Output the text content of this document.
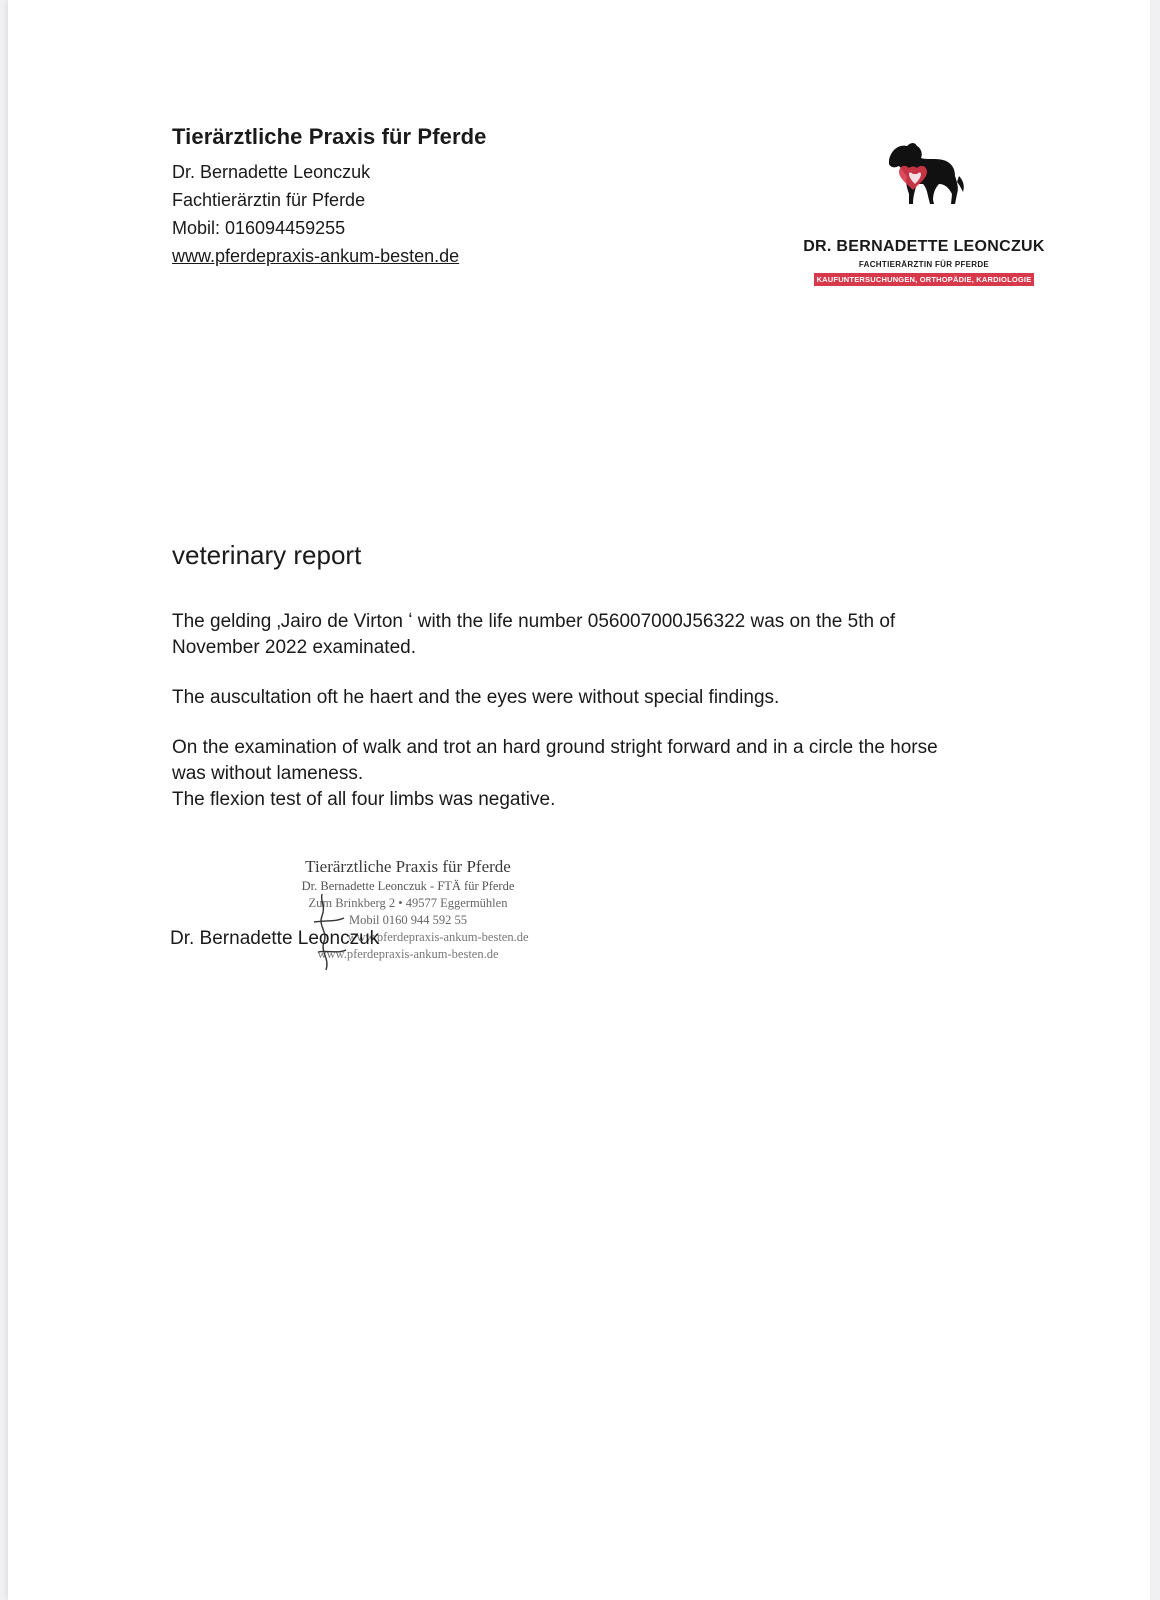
Tierärztliche Praxis für Pferde
Dr. Bernadette Leonczuk
Fachtierärztin für Pferde
Mobil: 016094459255
www.pferdepraxis-ankum-besten.de	DR. BERNADETTE LEONCZUK
FACHTIERÄRZTIN FÜR PFERDE
KAUFUNTERSUCHUNGEN, ORTHOPÄDIE, KARDIOLOGIE
veterinary report

The gelding ‚Jairo de Virton ʻ with the life number 056007000J56322 was on the 5th of

November 2022 examinated.

The auscultation oft he haert and the eyes were without special findings.

On the examination of walk and trot an hard ground stright forward and in a circle the horse

was without lameness.

The flexion test of all four limbs was negative.

Tierärztliche Praxis für Pferde
Dr. Bernadette Leonczuk - FTÄ für Pferde
Zum Brinkberg 2 • 49577 Eggermühlen
Mobil 0160 944 592 55
www.pferdepraxis-ankum-besten.de
www.pferdepraxis-ankum-besten.de
Dr. Bernadette Leonczuk
